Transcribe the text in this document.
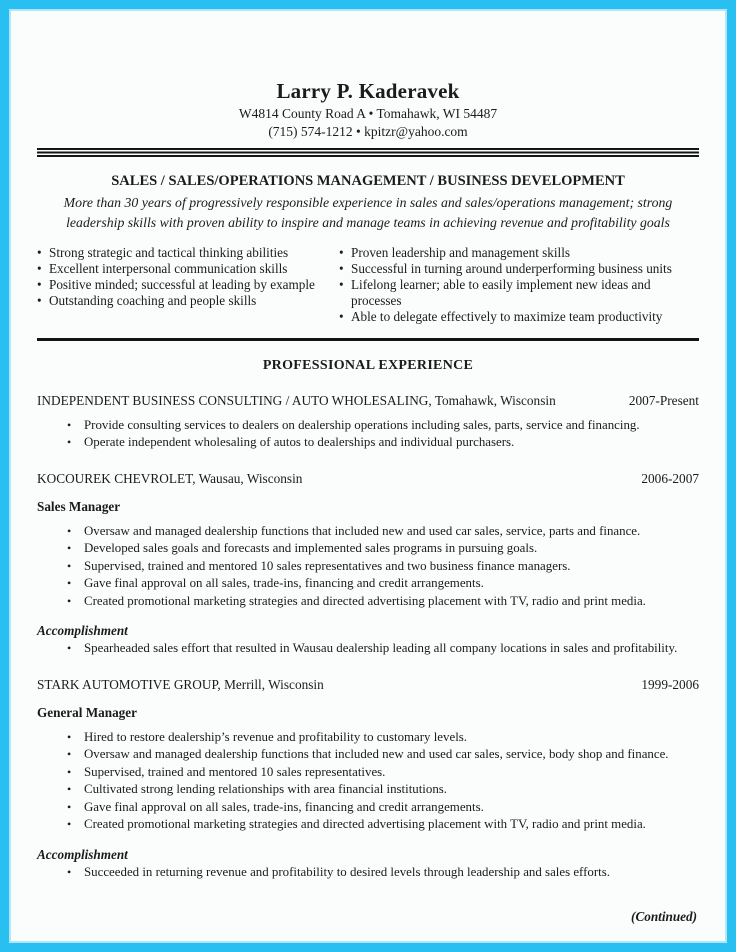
Larry P. Kaderavek
W4814 County Road A • Tomahawk, WI 54487
(715) 574-1212 • kpitzr@yahoo.com
SALES / SALES/OPERATIONS MANAGEMENT / BUSINESS DEVELOPMENT
More than 30 years of progressively responsible experience in sales and sales/operations management; strong leadership skills with proven ability to inspire and manage teams in achieving revenue and profitability goals
• Strong strategic and tactical thinking abilities
• Excellent interpersonal communication skills
• Positive minded; successful at leading by example
• Outstanding coaching and people skills
• Proven leadership and management skills
• Successful in turning around underperforming business units
• Lifelong learner; able to easily implement new ideas and processes
• Able to delegate effectively to maximize team productivity
PROFESSIONAL EXPERIENCE
INDEPENDENT BUSINESS CONSULTING / AUTO WHOLESALING, Tomahawk, Wisconsin	2007-Present
• Provide consulting services to dealers on dealership operations including sales, parts, service and financing.
• Operate independent wholesaling of autos to dealerships and individual purchasers.
KOCOUREK CHEVROLET, Wausau, Wisconsin	2006-2007
Sales Manager
• Oversaw and managed dealership functions that included new and used car sales, service, parts and finance.
• Developed sales goals and forecasts and implemented sales programs in pursuing goals.
• Supervised, trained and mentored 10 sales representatives and two business finance managers.
• Gave final approval on all sales, trade-ins, financing and credit arrangements.
• Created promotional marketing strategies and directed advertising placement with TV, radio and print media.
Accomplishment
• Spearheaded sales effort that resulted in Wausau dealership leading all company locations in sales and profitability.
STARK AUTOMOTIVE GROUP, Merrill, Wisconsin	1999-2006
General Manager
• Hired to restore dealership’s revenue and profitability to customary levels.
• Oversaw and managed dealership functions that included new and used car sales, service, body shop and finance.
• Supervised, trained and mentored 10 sales representatives.
• Cultivated strong lending relationships with area financial institutions.
• Gave final approval on all sales, trade-ins, financing and credit arrangements.
• Created promotional marketing strategies and directed advertising placement with TV, radio and print media.
Accomplishment
• Succeeded in returning revenue and profitability to desired levels through leadership and sales efforts.
(Continued)
